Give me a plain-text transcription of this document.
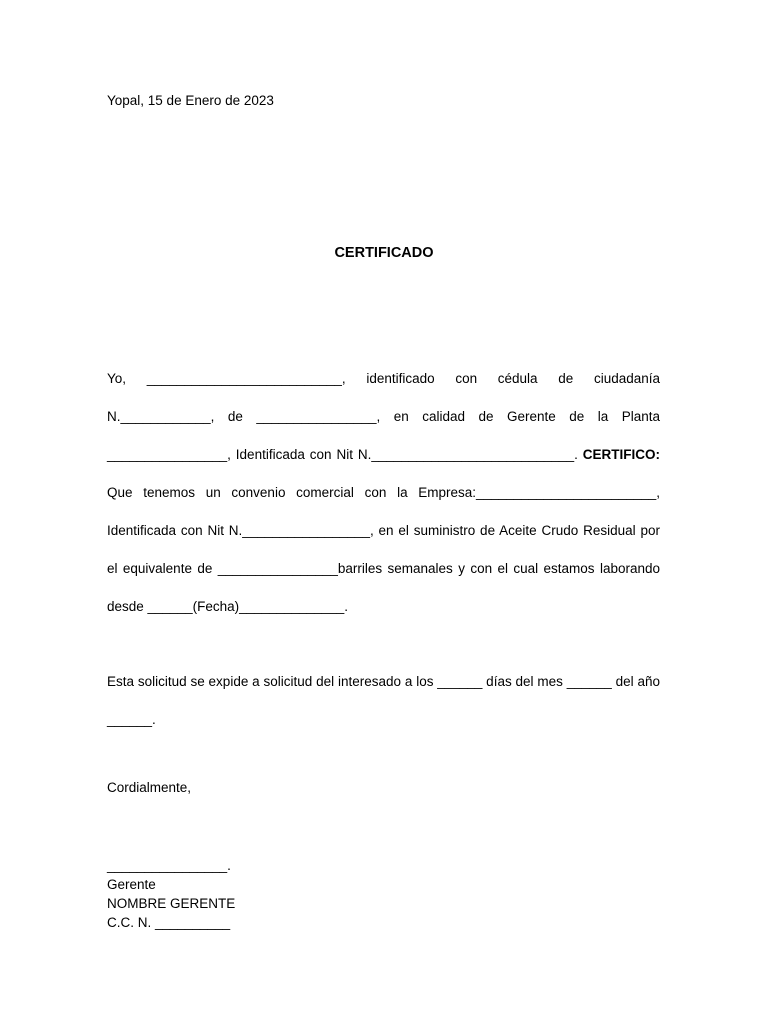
Yopal, 15 de Enero de 2023
CERTIFICADO

Yo, __________________________, identificado con cédula de ciudadanía N.____________, de ________________, en calidad de Gerente de la Planta ________________, Identificada con Nit N.___________________________. CERTIFICO: Que tenemos un convenio comercial con la Empresa:________________________, Identificada con Nit N._________________, en el suministro de Aceite Crudo Residual por el equivalente de ________________barriles semanales y con el cual estamos laborando desde ______(Fecha)______________.

Esta solicitud se expide a solicitud del interesado a los ______ días del mes ______ del año ______.

Cordialmente,
________________.
Gerente
NOMBRE GERENTE
C.C. N. __________
